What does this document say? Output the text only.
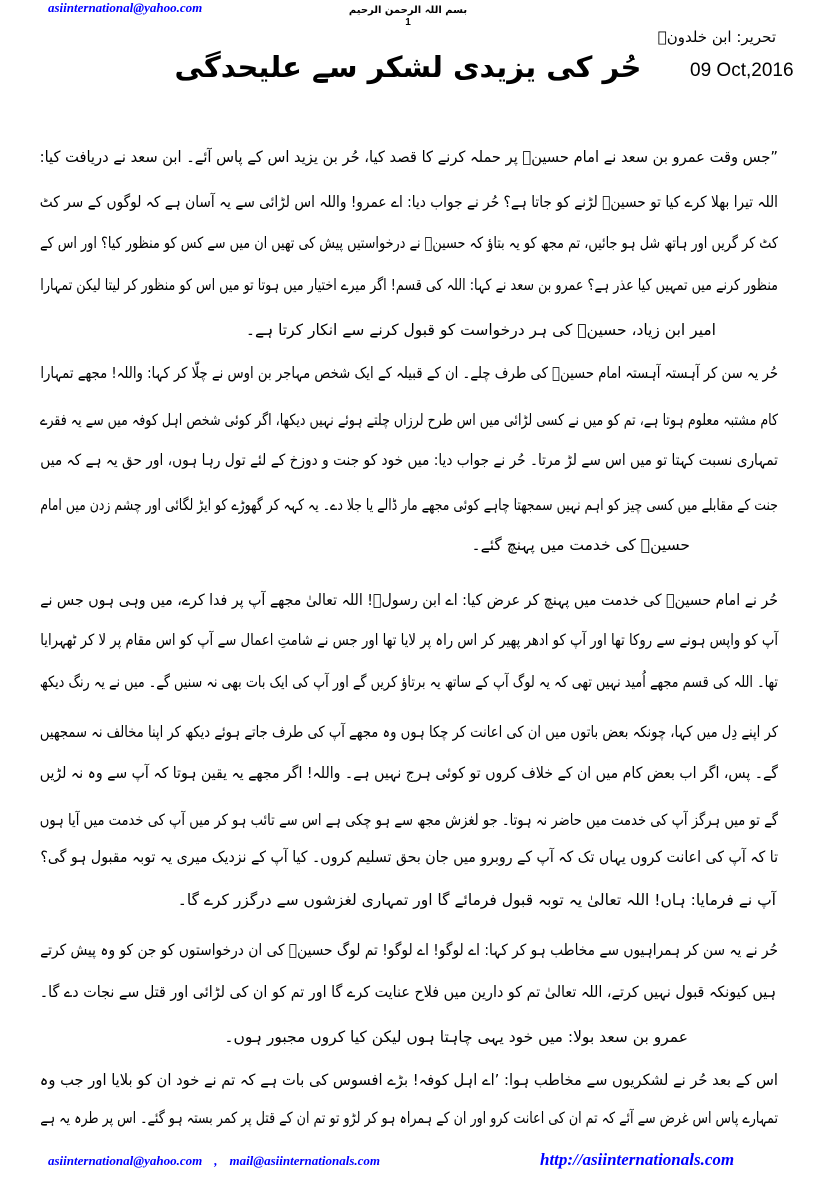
asiinternational@yahoo.com	بسم اللہ الرحمن الرحیم
1
تحریر: ابن خلدونؒ
09 Oct,2016
حُر کی یزیدی لشکر سے علیحدگی
”جس وقت عمرو بن سعد نے امام حسینؑ پر حملہ کرنے کا قصد کیا، حُر بن یزید اس کے پاس آئے۔ ابن سعد نے دریافت کیا:
اللہ تیرا بھلا کرے کیا تو حسینؑ لڑنے کو جاتا ہے؟ حُر نے جواب دیا: اے عمرو! واللہ اس لڑائی سے یہ آسان ہے کہ لوگوں کے سر کٹ
کٹ کر گریں اور ہاتھ شل ہو جائیں، تم مجھ کو یہ بتاؤ کہ حسینؑ نے درخواستیں پیش کی تھیں ان میں سے کس کو منظور کیا؟ اور اس کے
منظور کرنے میں تمہیں کیا عذر ہے؟ عمرو بن سعد نے کہا: اللہ کی قسم! اگر میرے اختیار میں ہوتا تو میں اس کو منظور کر لیتا لیکن تمہارا
امیر ابن زیاد، حسینؑ کی ہر درخواست کو قبول کرنے سے انکار کرتا ہے۔
حُر یہ سن کر آہستہ آہستہ امام حسینؑ کی طرف چلے۔ ان کے قبیلہ کے ایک شخص مہاجر بن اوس نے چلّا کر کہا: واللہ! مجھے تمہارا
کام مشتبہ معلوم ہوتا ہے، تم کو میں نے کسی لڑائی میں اس طرح لرزاں چلتے ہوئے نہیں دیکھا، اگر کوئی شخص اہل کوفہ میں سے یہ فقرے
تمہاری نسبت کہتا تو میں اس سے لڑ مرتا۔ حُر نے جواب دیا: میں خود کو جنت و دوزخ کے لئے تول رہا ہوں، اور حق یہ ہے کہ میں
جنت کے مقابلے میں کسی چیز کو اہم نہیں سمجھتا چاہے کوئی مجھے مار ڈالے یا جلا دے۔ یہ کہہ کر گھوڑے کو ایڑ لگائی اور چشم زدن میں امام
حسینؑ کی خدمت میں پہنچ گئے۔
حُر نے امام حسینؑ کی خدمت میں پہنچ کر عرض کیا: اے ابن رسولؐ! اللہ تعالیٰ مجھے آپ پر فدا کرے، میں وہی ہوں جس نے
آپ کو واپس ہونے سے روکا تھا اور آپ کو ادھر پھیر کر اس راہ پر لایا تھا اور جس نے شامتِ اعمال سے آپ کو اس مقام پر لا کر ٹھہرایا
تھا۔ اللہ کی قسم مجھے اُمید نہیں تھی کہ یہ لوگ آپ کے ساتھ یہ برتاؤ کریں گے اور آپ کی ایک بات بھی نہ سنیں گے۔ میں نے یہ رنگ دیکھ
کر اپنے دِل میں کہا، چونکہ بعض باتوں میں ان کی اعانت کر چکا ہوں وہ مجھے آپ کی طرف جاتے ہوئے دیکھ کر اپنا مخالف نہ سمجھیں
گے۔ پس، اگر اب بعض کام میں ان کے خلاف کروں تو کوئی ہرج نہیں ہے۔ واللہ! اگر مجھے یہ یقین ہوتا کہ آپ سے وہ نہ لڑیں
گے تو میں ہرگز آپ کی خدمت میں حاضر نہ ہوتا۔ جو لغزش مجھ سے ہو چکی ہے اس سے تائب ہو کر میں آپ کی خدمت میں آیا ہوں
تا کہ آپ کی اعانت کروں یہاں تک کہ آپ کے روبرو میں جان بحق تسلیم کروں۔ کیا آپ کے نزدیک میری یہ توبہ مقبول ہو گی؟
آپ نے فرمایا: ہاں! اللہ تعالیٰ یہ توبہ قبول فرمائے گا اور تمہاری لغزشوں سے درگزر کرے گا۔
حُر نے یہ سن کر ہمراہیوں سے مخاطب ہو کر کہا: اے لوگو! اے لوگو! تم لوگ حسینؑ کی ان درخواستوں کو جن کو وہ پیش کرتے
ہیں کیونکہ قبول نہیں کرتے، اللہ تعالیٰ تم کو دارین میں فلاح عنایت کرے گا اور تم کو ان کی لڑائی اور قتل سے نجات دے گا۔
عمرو بن سعد بولا: میں خود یہی چاہتا ہوں لیکن کیا کروں مجبور ہوں۔
اس کے بعد حُر نے لشکریوں سے مخاطب ہوا: ’اے اہل کوفہ! بڑے افسوس کی بات ہے کہ تم نے خود ان کو بلایا اور جب وہ
تمہارے پاس اس غرض سے آئے کہ تم ان کی اعانت کرو اور ان کے ہمراہ ہو کر لڑو تو تم ان کے قتل پر کمر بستہ ہو گئے۔ اس پر طرہ یہ ہے
asiinternational@yahoo.com , mail@asiinternationals.com	http://asiinternationals.com
